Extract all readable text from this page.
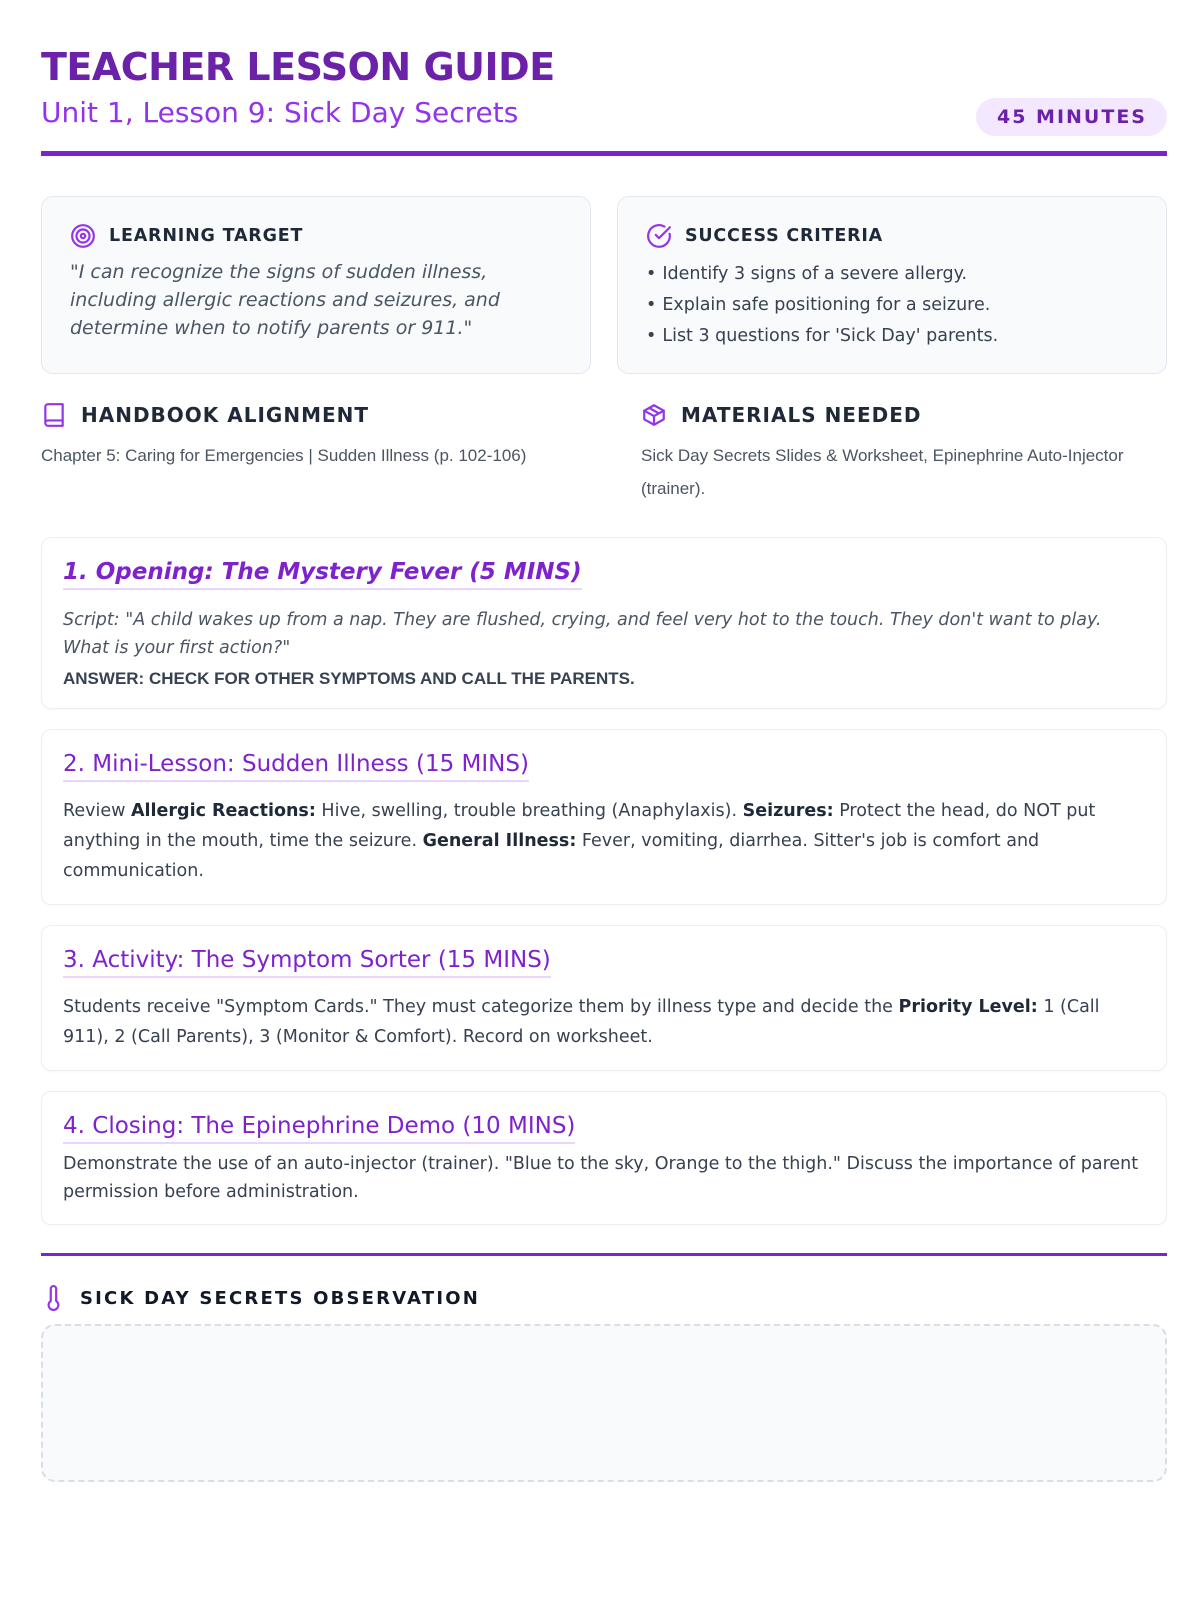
TEACHER LESSON GUIDE
Unit 1, Lesson 9: Sick Day Secrets	45 MINUTES
LEARNING TARGET
"I can recognize the signs of sudden illness, including allergic reactions and seizures, and determine when to notify parents or 911."
SUCCESS CRITERIA
• Identify 3 signs of a severe allergy.
• Explain safe positioning for a seizure.
• List 3 questions for 'Sick Day' parents.
HANDBOOK ALIGNMENT
Chapter 5: Caring for Emergencies | Sudden Illness (p. 102-106)
MATERIALS NEEDED
Sick Day Secrets Slides & Worksheet, Epinephrine Auto-Injector (trainer).
1. Opening: The Mystery Fever (5 MINS)
Script: "A child wakes up from a nap. They are flushed, crying, and feel very hot to the touch. They don't want to play. What is your first action?"
ANSWER: CHECK FOR OTHER SYMPTOMS AND CALL THE PARENTS.
2. Mini-Lesson: Sudden Illness (15 MINS)
Review Allergic Reactions: Hive, swelling, trouble breathing (Anaphylaxis). Seizures: Protect the head, do NOT put anything in the mouth, time the seizure. General Illness: Fever, vomiting, diarrhea. Sitter's job is comfort and communication.
3. Activity: The Symptom Sorter (15 MINS)
Students receive "Symptom Cards." They must categorize them by illness type and decide the Priority Level: 1 (Call 911), 2 (Call Parents), 3 (Monitor & Comfort). Record on worksheet.
4. Closing: The Epinephrine Demo (10 MINS)
Demonstrate the use of an auto-injector (trainer). "Blue to the sky, Orange to the thigh." Discuss the importance of parent permission before administration.
SICK DAY SECRETS OBSERVATION
